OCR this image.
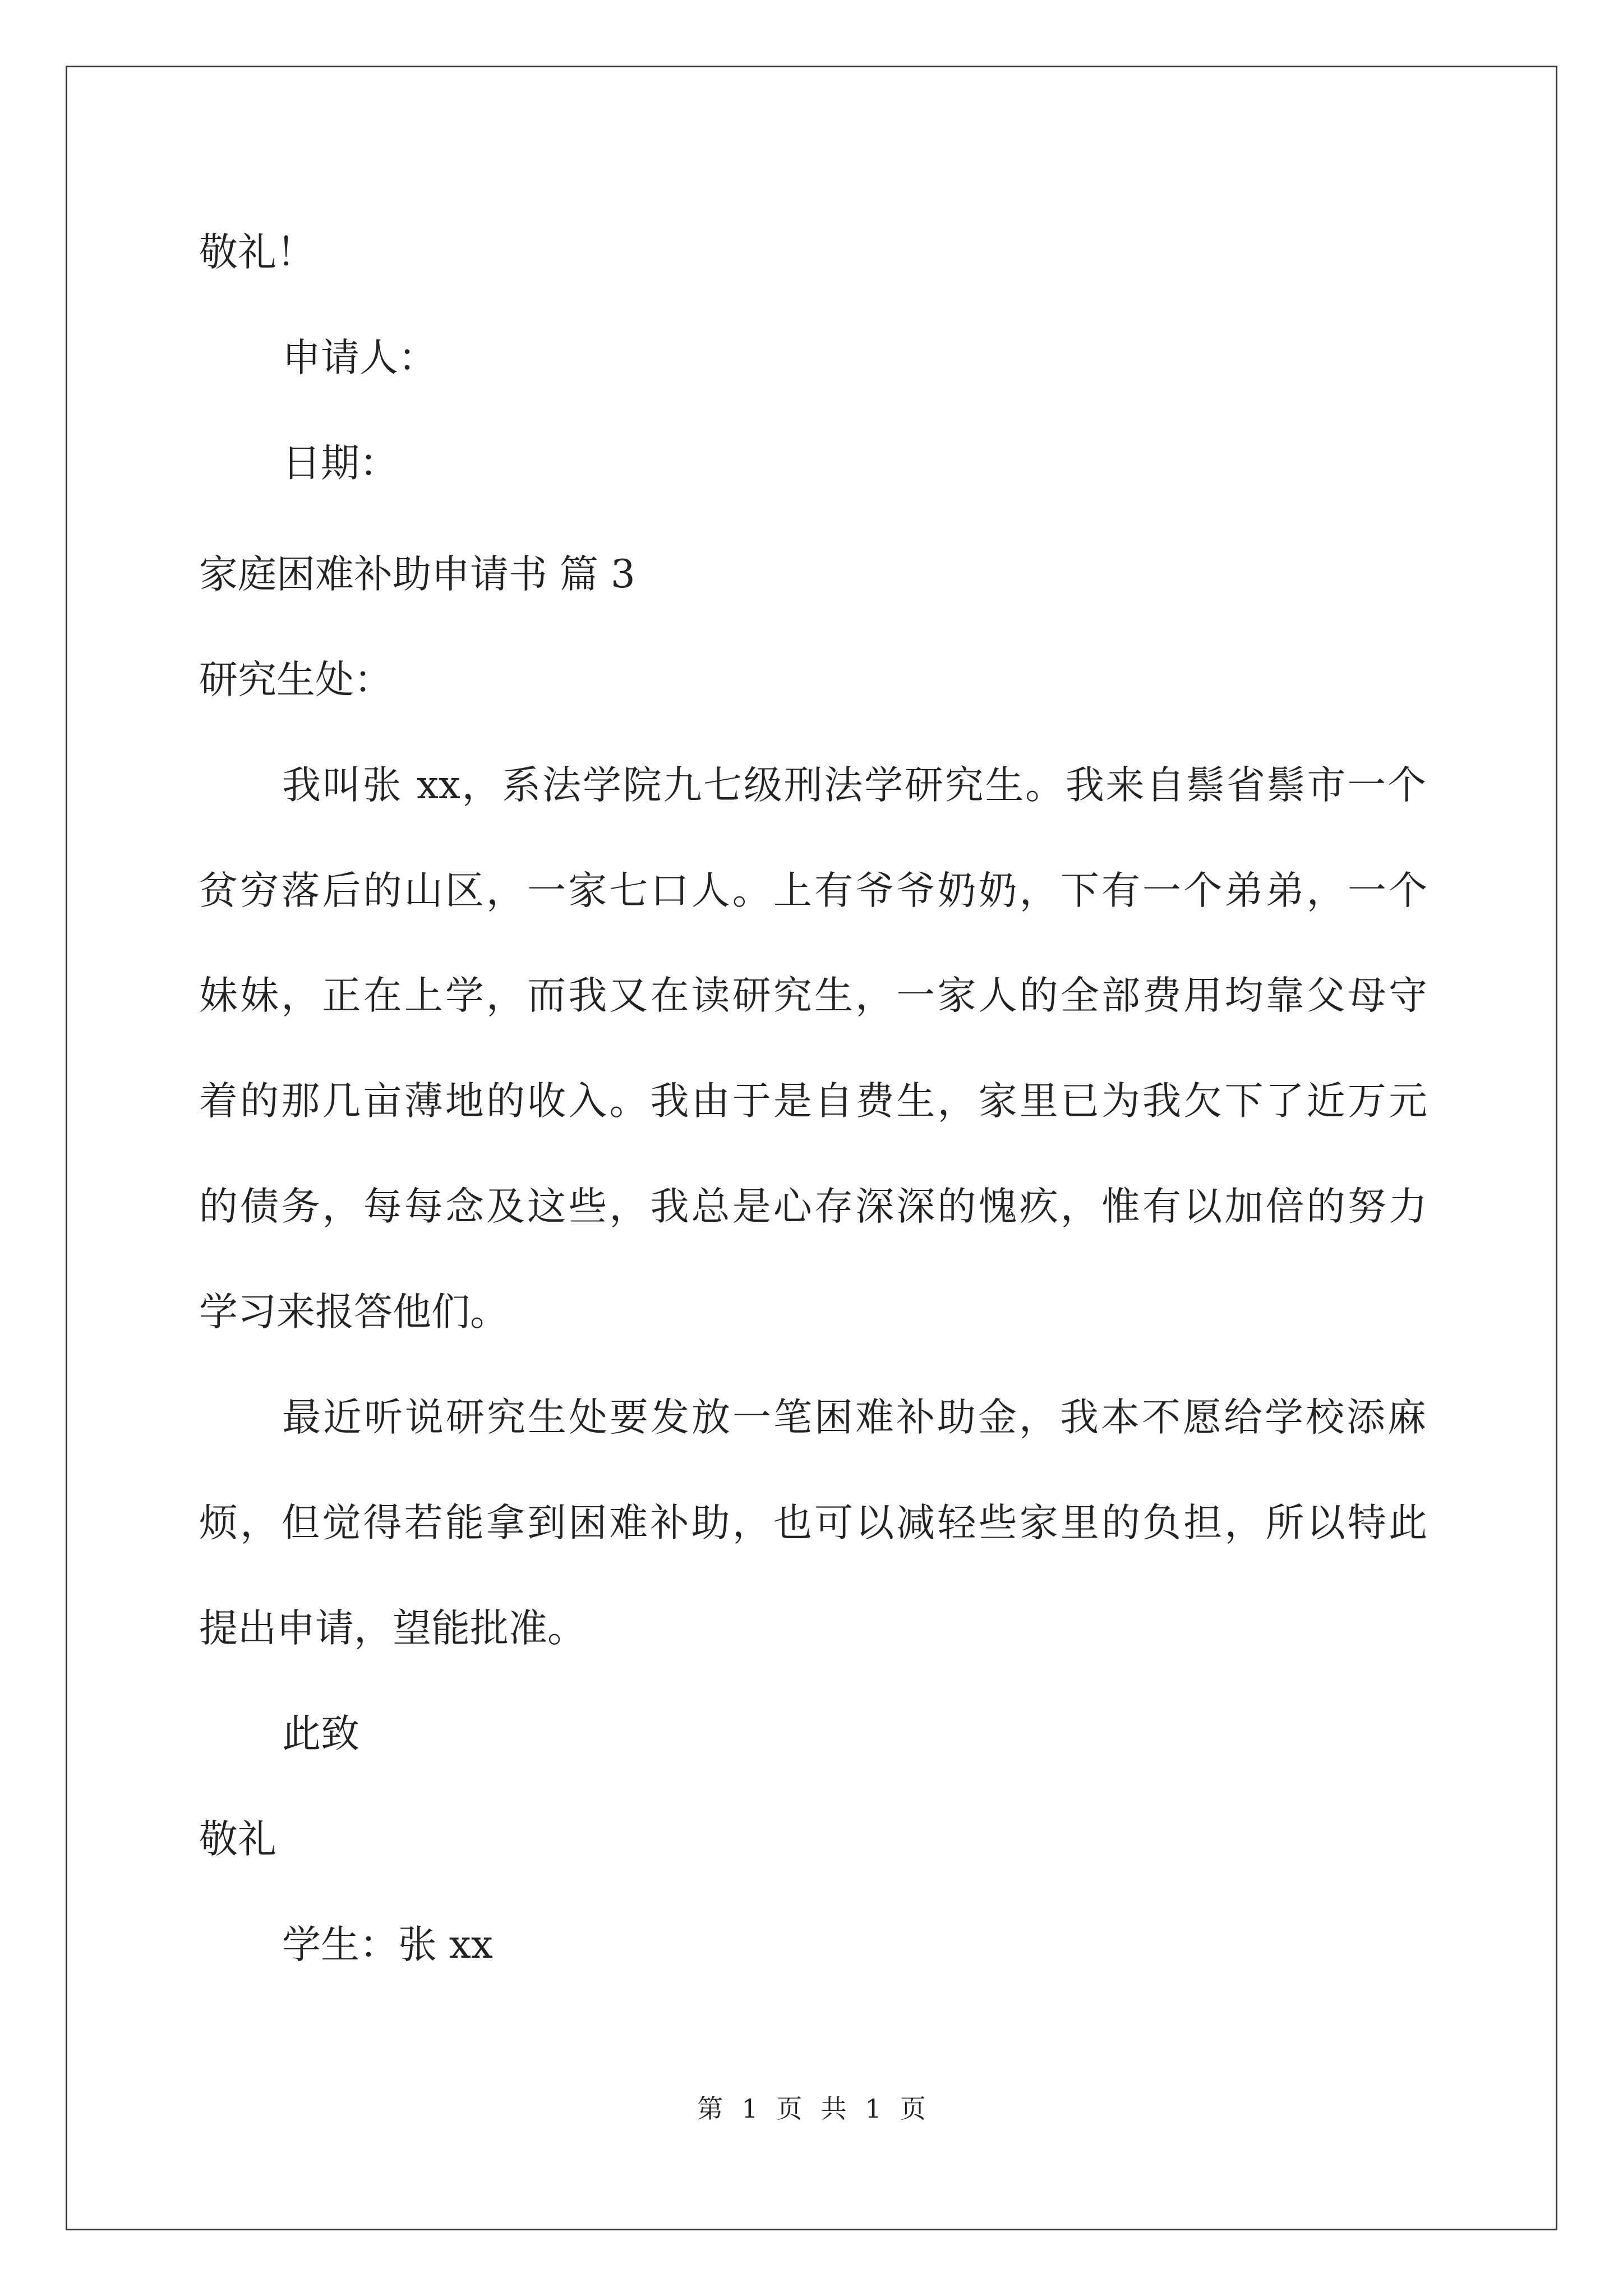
敬礼！
申请人：
日期：
家庭困难补助申请书 篇 3
研究生处：
我叫张 xx，系法学院九七级刑法学研究生。我来自鬃省鬃市一个
贫穷落后的山区，一家七口人。上有爷爷奶奶，下有一个弟弟，一个
妹妹，正在上学，而我又在读研究生，一家人的全部费用均靠父母守
着的那几亩薄地的收入。我由于是自费生，家里已为我欠下了近万元
的债务，每每念及这些，我总是心存深深的愧疚，惟有以加倍的努力
学习来报答他们。
最近听说研究生处要发放一笔困难补助金，我本不愿给学校添麻
烦，但觉得若能拿到困难补助，也可以减轻些家里的负担，所以特此
提出申请，望能批准。
此致
敬礼
学生：张 xx
第 1 页 共 1 页
